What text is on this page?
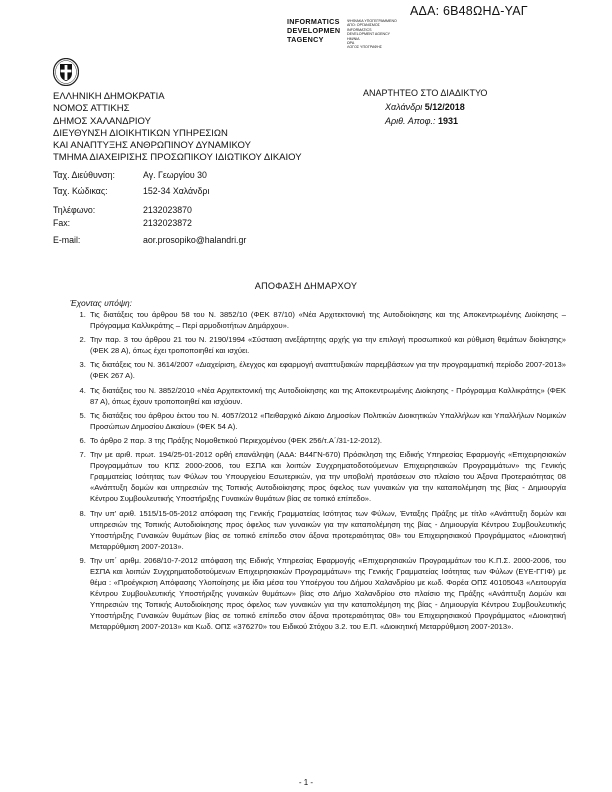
ΑΔΑ: 6Β48ΩΗΔ-ΥΑΓ
INFORMATICS
DEVELOPMEN
TAGENCY
ΨΗΦΙΑΚΑ ΥΠΟΓΕΓΡΑΜΜΕΝΟ
ΑΠΟ: ΟΡΓΑΝΙΣΜΟΣ
INFORMATICS DEVELOPMENT AGENCY
ΗΜ/ΝΙΑ
ΩΡΑ
ΛΟΓΟΣ ΥΠΟΓΡΑΦΗΣ
ΕΛΛΗΝΙΚΗ ΔΗΜΟΚΡΑΤΙΑ
ΝΟΜΟΣ ΑΤΤΙΚΗΣ
ΔΗΜΟΣ ΧΑΛΑΝΔΡΙΟΥ
ΔΙΕΥΘΥΝΣΗ ΔΙΟΙΚΗΤΙΚΩΝ ΥΠΗΡΕΣΙΩΝ
ΚΑΙ ΑΝΑΠΤΥΞΗΣ ΑΝΘΡΩΠΙΝΟΥ ΔΥΝΑΜΙΚΟΥ
ΤΜΗΜΑ ΔΙΑΧΕΙΡΙΣΗΣ ΠΡΟΣΩΠΙΚΟΥ ΙΔΙΩΤΙΚΟΥ ΔΙΚΑΙΟΥ
ΑΝΑΡΤΗΤΕΟ ΣΤΟ ΔΙΑΔΙΚΤΥΟ
Χαλάνδρι 5/12/2018
Αριθ. Αποφ.: 1931
Ταχ. Διεύθυνση:	Αγ. Γεωργίου 30
Ταχ. Κώδικας:	152-34 Χαλάνδρι
Τηλέφωνο:	2132023870
Fax:	2132023872
E-mail:	aor.prosopiko@halandri.gr
ΑΠΟΦΑΣΗ ΔΗΜΑΡΧΟΥ
Έχοντας υπόψη:
1. Τις διατάξεις του άρθρου 58 του Ν. 3852/10 (ΦΕΚ 87/10) «Νέα Αρχιτεκτονική της Αυτοδιοίκησης και της Αποκεντρωμένης Διοίκησης – Πρόγραμμα Καλλικράτης – Περί αρμοδιοτήτων Δημάρχου».
2. Την παρ. 3 του άρθρου 21 του Ν. 2190/1994 «Σύσταση ανεξάρτητης αρχής για την επιλογή προσωπικού και ρύθμιση θεμάτων διοίκησης» (ΦΕΚ 28 Α), όπως έχει τροποποιηθεί και ισχύει.
3. Τις διατάξεις του Ν. 3614/2007 «Διαχείριση, έλεγχος και εφαρμογή αναπτυξιακών παρεμβάσεων για την προγραμματική περίοδο 2007-2013» (ΦΕΚ 267 Α).
4. Τις διατάξεις του Ν. 3852/2010 «Νέα Αρχιτεκτονική της Αυτοδιοίκησης και της Αποκεντρωμένης Διοίκησης - Πρόγραμμα Καλλικράτης» (ΦΕΚ 87 Α), όπως έχουν τροποποιηθεί και ισχύουν.
5. Τις διατάξεις του άρθρου έκτου του Ν. 4057/2012 «Πειθαρχικό Δίκαιο Δημοσίων Πολιτικών Διοικητικών Υπαλλήλων και Υπαλλήλων Νομικών Προσώπων Δημοσίου Δικαίου» (ΦΕΚ 54 Α).
6. Το άρθρο 2 παρ. 3 της Πράξης Νομοθετικού Περιεχομένου (ΦΕΚ 256/τ.Α΄/31-12-2012).
7. Την με αριθ. πρωτ. 194/25-01-2012 ορθή επανάληψη (ΑΔΑ: Β44ΓΝ-670) Πρόσκληση της Ειδικής Υπηρεσίας Εφαρμογής «Επιχειρησιακών Προγραμμάτων του ΚΠΣ 2000-2006, του ΕΣΠΑ και λοιπών Συγχρηματοδοτούμενων Επιχειρησιακών Προγραμμάτων» της Γενικής Γραμματείας Ισότητας των Φύλων του Υπουργείου Εσωτερικών, για την υποβολή προτάσεων στο πλαίσιο του Άξονα Προτεραιότητας 08 «Ανάπτυξη δομών και υπηρεσιών της Τοπικής Αυτοδιοίκησης προς όφελος των γυναικών για την καταπολέμηση της βίας - Δημιουργία Κέντρου Συμβουλευτικής Υποστήριξης Γυναικών θυμάτων βίας σε τοπικό επίπεδο».
8. Την υπ’ αριθ. 1515/15-05-2012 απόφαση της Γενικής Γραμματείας Ισότητας των Φύλων, Ένταξης Πράξης με τίτλο «Ανάπτυξη δομών και υπηρεσιών της Τοπικής Αυτοδιοίκησης προς όφελος των γυναικών για την καταπολέμηση της βίας - Δημιουργία Κέντρου Συμβουλευτικής Υποστήριξης Γυναικών θυμάτων βίας σε τοπικό επίπεδο στον άξονα προτεραιότητας 08» του Επιχειρησιακού Προγράμματος «Διοικητική Μεταρρύθμιση 2007-2013».
9. Την υπ΄ αριθμ. 2068/10-7-2012 απόφαση της Ειδικής Υπηρεσίας Εφαρμογής «Επιχειρησιακών Προγραμμάτων του Κ.Π.Σ. 2000-2006, του ΕΣΠΑ και λοιπών Συγχρηματοδοτούμενων Επιχειρησιακών Προγραμμάτων» της Γενικής Γραμματείας Ισότητας των Φύλων (ΕΥΕ-ΓΓΙΦ) με θέμα : «Προέγκριση Απόφασης Υλοποίησης με ίδια μέσα του Υποέργου του Δήμου Χαλανδρίου με κωδ. Φορέα ΟΠΣ 40105043 «Λειτουργία Κέντρου Συμβουλευτικής Υποστήριξης γυναικών θυμάτων» βίας στο Δήμο Χαλανδρίου στο πλαίσιο της Πράξης «Ανάπτυξη Δομών και Υπηρεσιών της Τοπικής Αυτοδιοίκησης προς όφελος των γυναικών για την καταπολέμηση της βίας - Δημιουργία Κέντρου Συμβουλευτικής Υποστήριξης Γυναικών θυμάτων βίας σε τοπικό επίπεδο στον άξονα προτεραιότητας 08» του Επιχειρησιακού Προγράμματος «Διοικητική Μεταρρύθμιση 2007-2013» και Κωδ. ΟΠΣ «376270» του Ειδικού Στόχου 3.2. του Ε.Π. «Διοικητική Μεταρρύθμιση 2007-2013».
- 1 -
